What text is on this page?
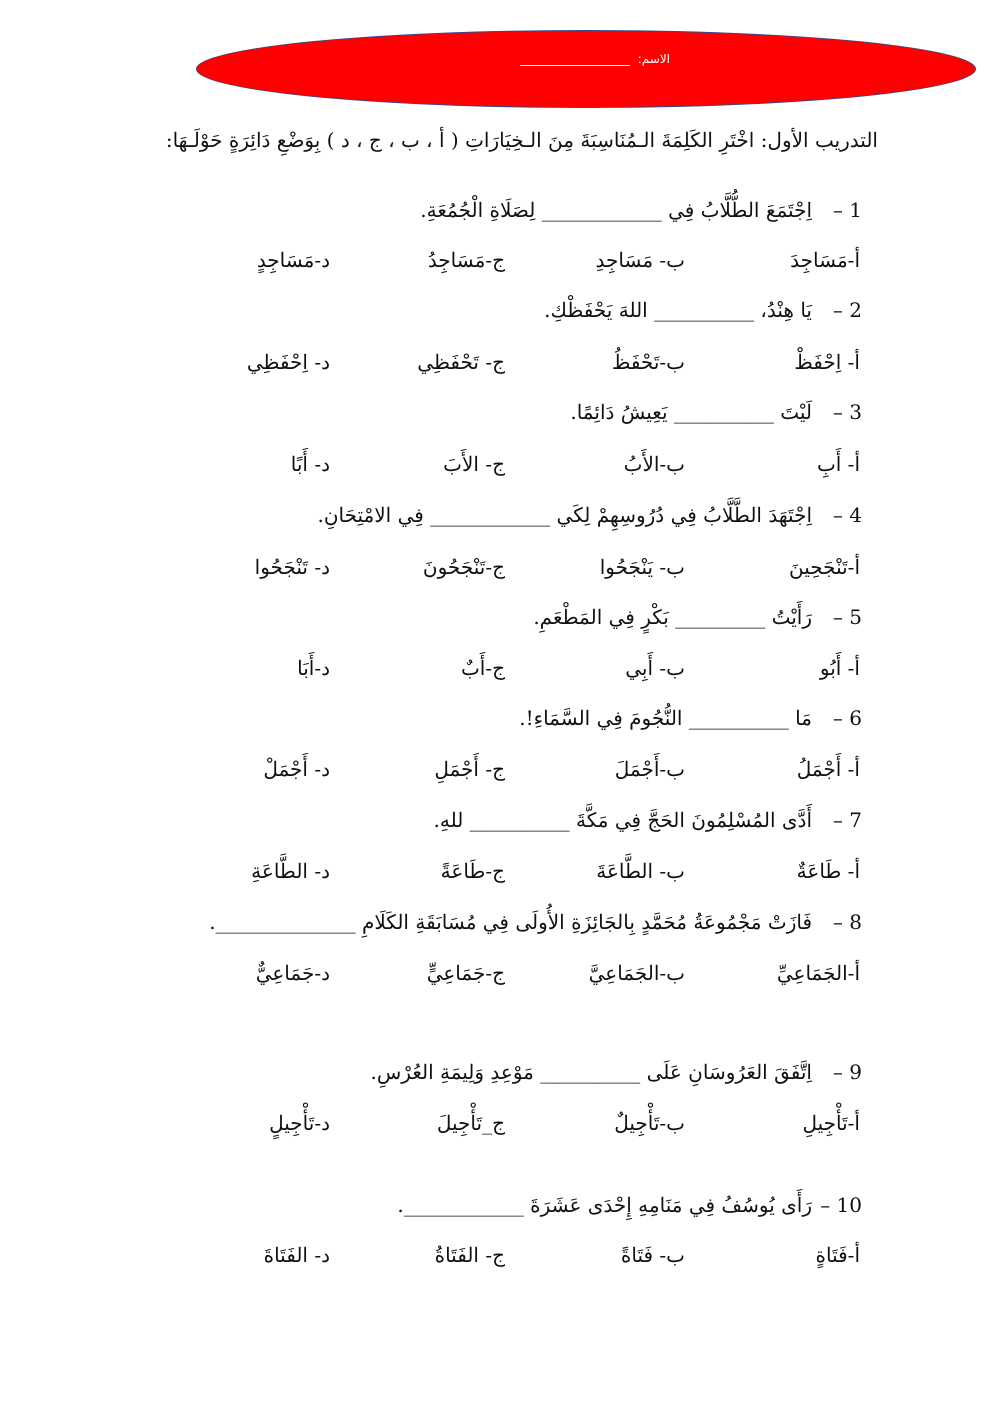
الاسم:
التدريب الأول: اخْتَرِ الكَلِمَةَ الـمُنَاسِبَةَ مِنَ الـخِيَارَاتِ ( أ ، ب ، ج ، د ) بِوَضْعِ دَائِرَةٍ حَوْلَـهَا:
1 –اِجْتَمَعَ الطُّلَّابُ فِي ____________ لِصَلَاةِ الْجُمُعَةِ.
أ-مَسَاجِدَ
ب- مَسَاجِدِ
ج-مَسَاجِدُ
د-مَسَاجِدٍ
2 –يَا هِنْدُ، __________ اللهَ يَحْفَظْكِ.
أ- اِحْفَظْ
ب-تَحْفَظُ
ج- تَحْفَظِي
د- اِحْفَظِي
3 –لَيْتَ __________ يَعِيشُ دَائِمًا.
أ- أَبِ
ب-الأَبُ
ج- الأَبَ
د- أَبًا
4 –اِجْتَهَدَ الطَّلَّابُ فِي دُرُوسِهِمْ لِكَي ____________ فِي الامْتِحَانِ.
أ-تَنْجَحِينَ
ب- يَنْجَحُوا
ج-تَنْجَحُونَ
د- تَنْجَحُوا
5 –رَأَيْتُ _________ بَكْرٍ فِي المَطْعَمِ.
أ- أَبُو
ب- أَبِي
ج-أَبٌ
د-أَبَا
6 –مَا __________ النُّجُومَ فِي السَّمَاءِ!.
أ- أَجْمَلُ
ب-أَجْمَلَ
ج- أَجْمَلِ
د- أَجْمَلْ
7 –أَدَّى المُسْلِمُونَ الحَجَّ فِي مَكَّةَ __________ للهِ.
أ- طَاعَةٌ
ب- الطَّاعَةَ
ج-طَاعَةً
د- الطَّاعَةِ
8 –فَازَتْ مَجْمُوعَةُ مُحَمَّدٍ بِالجَائِزَةِ الأُولَى فِي مُسَابَقَةِ الكَلَامِ ______________.
أ-الجَمَاعِيِّ
ب-الجَمَاعِيَّ
ج-جَمَاعِيٍّ
د-جَمَاعِيٌّ
9 –اِتَّفَقَ العَرُوسَانِ عَلَى __________ مَوْعِدِ وَلِيمَةِ العُرْسِ.
أ-تَأْجِيلِ
ب-تَأْجِيلٌ
ج_تَأْجِيلَ
د-تَأْجِيلٍ
10 –رَأَى يُوسُفُ فِي مَنَامِهِ إِحْدَى عَشَرَةَ ____________.
أ-فَتَاةٍ
ب- فَتَاةً
ج- الفَتَاةُ
د- الفَتَاةَ
